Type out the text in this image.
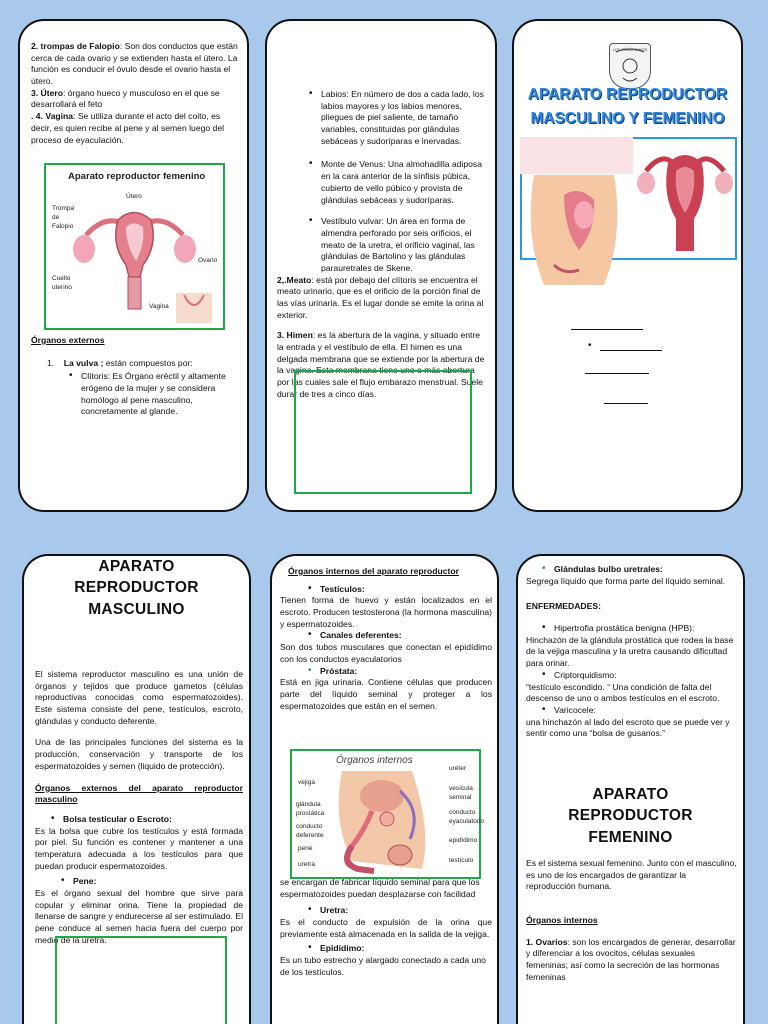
2. trompas de Falopio: Son dos conductos que están cerca de cada ovario y se extienden hasta el útero. La función es conducir el óvulo desde el ovario hasta el útero.

3. Útero: órgano hueco y musculoso en el que se desarrollará el feto

. 4. Vagina: Se utiliza durante el acto del coito, es decir, es quien recibe al pene y al semen luego del proceso de eyaculación.

Aparato reproductor femenino
Útero
Trompa de Falopio
Ovario
Cuello uterino
Vagina

Órganos externos

1. La vulva ; están compuestos por:

• Clítoris: Es Órgano eréctil y altamente erógeno de la mujer y se considera homólogo al pene masculino, concretamente al glande.

• Labios: En número de dos a cada lado, los labios mayores y los labios menores, pliegues de piel saliente, de tamaño variables, constituidas por glándulas sebáceas y sudoríparas e inervadas.

• Monte de Venus: Una almohadilla adiposa en la cara anterior de la sínfisis púbica, cubierto de vello púbico y provista de glándulas sebáceas y sudoríparas.

• Vestíbulo vulvar: Un área en forma de almendra perforado por seis orificios, el meato de la uretra, el orificio vaginal, las glándulas de Bartolino y las glándulas parauretrales de Skene.

2,.Meato: está por debajo del clítoris se encuentra el meato urinario, que es el orificio de la porción final de las vías urinaria. Es el lugar donde se emite la orina al exterior.

3. Himen: es la abertura de la vagina, y situado entre la entrada y el vestíbulo de ella. El himen es una delgada membrana que se extiende por la abertura de la vagina. Esta membrana tiene uno o más abertura por las cuales sale el flujo embarazo menstrual. Suele durar de tres a cinco días.

LOS PEÑAS CAROS
APARATO REPRODUCTOR
MASCULINO Y FEMENINO
•
APARATO
REPRODUCTOR
MASCULINO

El sistema reproductor masculino es una unión de órganos y tejidos que produce gametos (células reproductivas conocidas como espermatozoides). Este sistema consiste del pene, testículos, escroto, glándulas y conducto deferente.

Una de las principales funciones del sistema es la producción, conservación y transporte de los espermatozoides y semen (liquido de protección).

Órganos externos del aparato reproductor masculino

• Bolsa testicular o Escroto:

Es la bolsa que cubre los testículos y está formada por piel. Su función es contener y mantener a una temperatura adecuada a los testículos para que puedan producir espermatozoides.

• Pene:

Es el órgano sexual del hombre que sirve para copular y eliminar orina. Tiene la propiedad de llenarse de sangre y endurecerse al ser estimulado. El pene conduce al semen hacia fuera del cuerpo por medio de la uretra.

Órganos internos del aparato reproductor

• Testículos:

Tienen forma de huevo y están localizados en el escroto. Producen testosterona (la hormona masculina) y espermatozoides.

• Canales deferentes:

Son dos tubos musculares que conectan el epidídimo con los conductos eyaculatorios

• Próstata:

Está en jiga urinaria. Contiene células que producen parte del líquido seminal y proteger a los espermatozoides que están en el semen.

Órganos internos
vejiga
glándula prostática
conducto deferente
pene
uretra
uréter
vesícula seminal
conducto eyaculatorio
epidídimo
testículo

se encargan de fabricar líquido seminal para que los espermatozoides puedan desplazarse con facilidad

• Uretra:

Es el conducto de expulsión de la orina que previamente está almacenada en la salida de la vejiga.

• Epidídimo:

Es un tubo estrecho y alargado conectado a cada uno de los testículos.

• Glándulas bulbo uretrales:

Segrega líquido que forma parte del líquido seminal.

ENFERMEDADES:

• Hipertrofia prostática benigna (HPB):

Hinchazón de la glándula prostática que rodea la base de la vejiga masculina y la uretra causando dificultad para orinar.

• Criptorquidismo:

“testículo escondido. “ Una condición de falta del descenso de uno o ambos testículos en el escroto.

• Varicocele:

una hinchazón al lado del escroto que se puede ver y sentir como una “bolsa de gusanos.”

APARATO
REPRODUCTOR
FEMENINO

Es el sistema sexual femenino. Junto con el masculino, es uno de los encargados de garantizar la reproducción humana.

Órganos internos

1. Ovarios: son los encargados de generar, desarrollar y diferenciar a los ovocitos, células sexuales femeninas; así como la secreción de las hormonas femeninas
